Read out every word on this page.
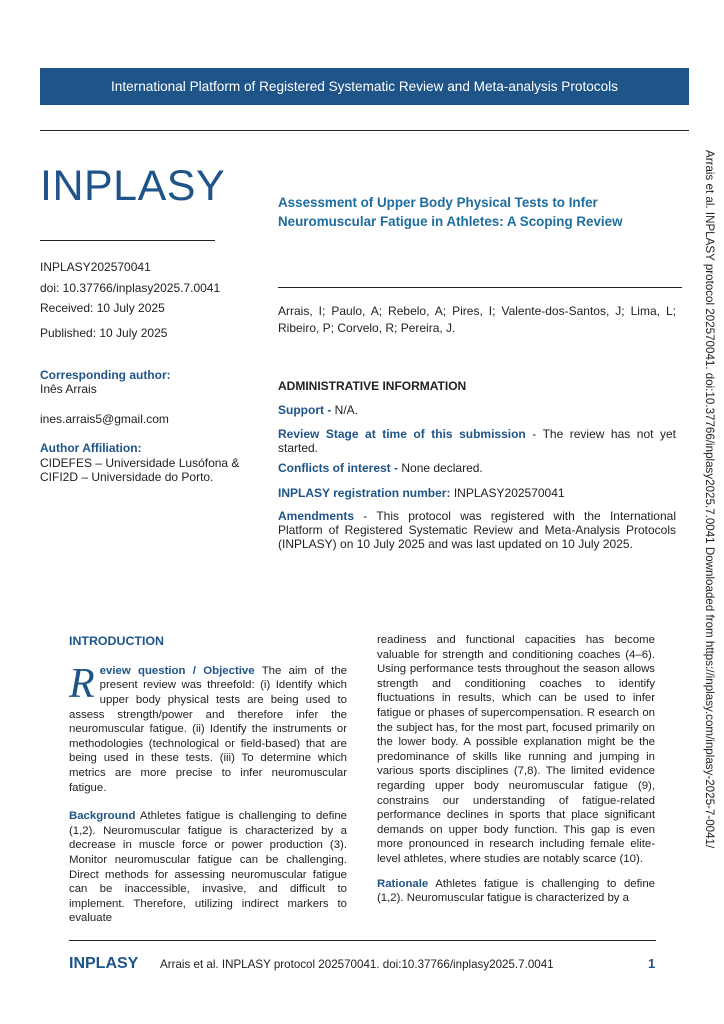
International Platform of Registered Systematic Review and Meta-analysis Protocols
INPLASY
INPLASY202570041
doi: 10.37766/inplasy2025.7.0041
Received: 10 July 2025
Published: 10 July 2025
Corresponding author:
Inês Arrais
ines.arrais5@gmail.com
Author Affiliation:
CIDEFES – Universidade Lusófona & CIFI2D – Universidade do Porto.
Assessment of Upper Body Physical Tests to Infer Neuromuscular Fatigue in Athletes: A Scoping Review
Arrais, I; Paulo, A; Rebelo, A; Pires, I; Valente-dos-Santos, J; Lima, L; Ribeiro, P; Corvelo, R; Pereira, J.
ADMINISTRATIVE INFORMATION
Support - N/A.
Review Stage at time of this submission - The review has not yet started.
Conflicts of interest - None declared.
INPLASY registration number: INPLASY202570041
Amendments - This protocol was registered with the International Platform of Registered Systematic Review and Meta-Analysis Protocols (INPLASY) on 10 July 2025 and was last updated on 10 July 2025.

INTRODUCTION

Review question / Objective The aim of the present review was threefold: (i) Identify which upper body physical tests are being used to assess strength/power and therefore infer the neuromuscular fatigue. (ii) Identify the instruments or methodologies (technological or field-based) that are being used in these tests. (iii) To determine which metrics are more precise to infer neuromuscular fatigue.

Background Athletes fatigue is challenging to define (1,2). Neuromuscular fatigue is characterized by a decrease in muscle force or power production (3). Monitor neuromuscular fatigue can be challenging. Direct methods for assessing neuromuscular fatigue can be inaccessible, invasive, and difficult to implement. Therefore, utilizing indirect markers to evaluate

readiness and functional capacities has become valuable for strength and conditioning coaches (4–6). Using performance tests throughout the season allows strength and conditioning coaches to identify fluctuations in results, which can be used to infer fatigue or phases of supercompensation. R esearch on the subject has, for the most part, focused primarily on the lower body. A possible explanation might be the predominance of skills like running and jumping in various sports disciplines (7,8). The limited evidence regarding upper body neuromuscular fatigue (9), constrains our understanding of fatigue-related performance declines in sports that place significant demands on upper body function. This gap is even more pronounced in research including female elite-level athletes, where studies are notably scarce (10).

Rationale Athletes fatigue is challenging to define (1,2). Neuromuscular fatigue is characterized by a

Arrais et al. INPLASY protocol 202570041. doi:10.37766/inplasy2025.7.0041 Downloaded from https://inplasy.com/inplasy-2025-7-0041/
INPLASY Arrais et al. INPLASY protocol 202570041. doi:10.37766/inplasy2025.7.0041	1
